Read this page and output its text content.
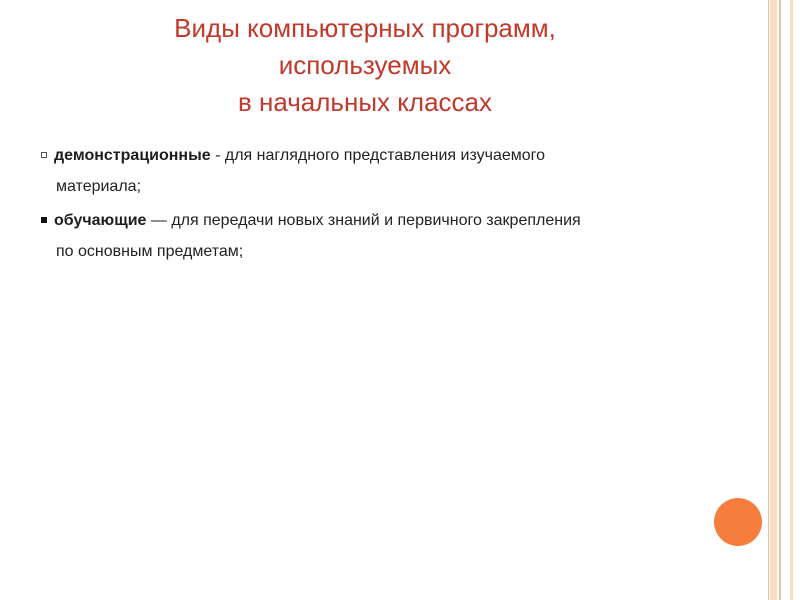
Виды компьютерных программ,
используемых
в начальных классах
демонстрационные - для наглядного представления изучаемого
материала;
обучающие — для передачи новых знаний и первичного закрепления
по основным предметам;
